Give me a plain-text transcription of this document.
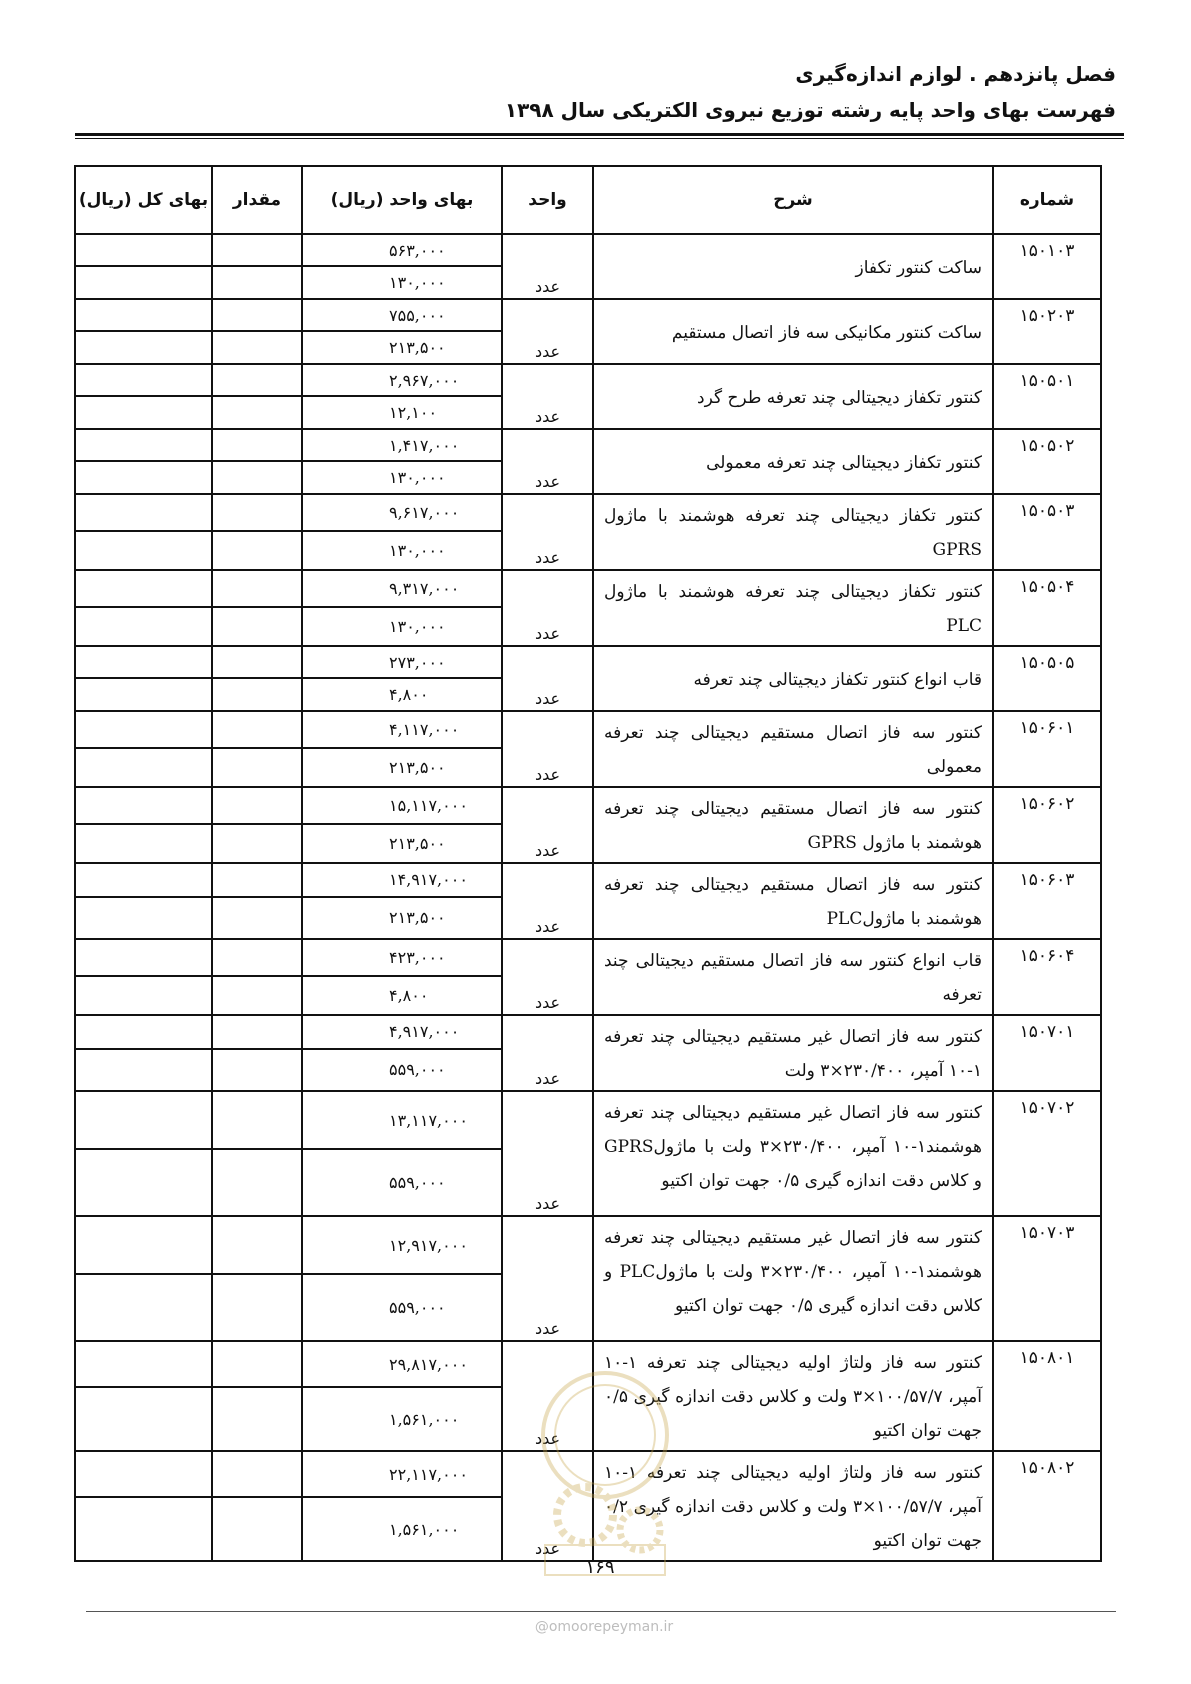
فصل پانزدهم . لوازم اندازه‌گیری
فهرست بهای واحد پایه رشته توزیع نیروی الکتریکی سال ۱۳۹۸
شماره	شرح	واحد	بهای واحد (ریال)	مقدار	بهای کل (ریال)
۱۵۰۱۰۳	ساکت کنتور تکفاز	عدد	۵۶۳,۰۰۰		
			۱۳۰,۰۰۰		
۱۵۰۲۰۳	ساکت کنتور مکانیکی سه فاز اتصال مستقیم	عدد	۷۵۵,۰۰۰		
			۲۱۳,۵۰۰		
۱۵۰۵۰۱	کنتور تکفاز دیجیتالی چند تعرفه طرح گرد	عدد	۲,۹۶۷,۰۰۰		
			۱۲,۱۰۰		
۱۵۰۵۰۲	کنتور تکفاز دیجیتالی چند تعرفه معمولی	عدد	۱,۴۱۷,۰۰۰		
			۱۳۰,۰۰۰		
۱۵۰۵۰۳	کنتور تکفاز دیجیتالی چند تعرفه هوشمند با ماژول GPRS	عدد	۹,۶۱۷,۰۰۰		
			۱۳۰,۰۰۰		
۱۵۰۵۰۴	کنتور تکفاز دیجیتالی چند تعرفه هوشمند با ماژول PLC	عدد	۹,۳۱۷,۰۰۰		
			۱۳۰,۰۰۰		
۱۵۰۵۰۵	قاب انواع کنتور تکفاز دیجیتالی چند تعرفه	عدد	۲۷۳,۰۰۰		
			۴,۸۰۰		
۱۵۰۶۰۱	کنتور سه فاز اتصال مستقیم دیجیتالی چند تعرفه معمولی	عدد	۴,۱۱۷,۰۰۰		
			۲۱۳,۵۰۰		
۱۵۰۶۰۲	کنتور سه فاز اتصال مستقیم دیجیتالی چند تعرفه هوشمند با ماژول GPRS	عدد	۱۵,۱۱۷,۰۰۰		
			۲۱۳,۵۰۰		
۱۵۰۶۰۳	کنتور سه فاز اتصال مستقیم دیجیتالی چند تعرفه هوشمند با ماژولPLC	عدد	۱۴,۹۱۷,۰۰۰		
			۲۱۳,۵۰۰		
۱۵۰۶۰۴	قاب انواع کنتور سه فاز اتصال مستقیم دیجیتالی چند تعرفه	عدد	۴۲۳,۰۰۰		
			۴,۸۰۰		
۱۵۰۷۰۱	کنتور سه فاز اتصال غیر مستقیم دیجیتالی چند تعرفه ۱-۱۰ آمپر، ۲۳۰/۴۰۰×۳ ولت	عدد	۴,۹۱۷,۰۰۰		
			۵۵۹,۰۰۰		
۱۵۰۷۰۲	کنتور سه فاز اتصال غیر مستقیم دیجیتالی چند تعرفه هوشمند۱-۱۰ آمپر، ۲۳۰/۴۰۰×۳ ولت با ماژولGPRS و کلاس دقت اندازه گیری ۰/۵ جهت توان اکتیو	عدد	۱۳,۱۱۷,۰۰۰		
			۵۵۹,۰۰۰		
۱۵۰۷۰۳	کنتور سه فاز اتصال غیر مستقیم دیجیتالی چند تعرفه هوشمند۱-۱۰ آمپر، ۲۳۰/۴۰۰×۳ ولت با ماژولPLC و کلاس دقت اندازه گیری ۰/۵ جهت توان اکتیو	عدد	۱۲,۹۱۷,۰۰۰		
			۵۵۹,۰۰۰		
۱۵۰۸۰۱	کنتور سه فاز ولتاژ اولیه دیجیتالی چند تعرفه ۱-۱۰ آمپر، ۱۰۰/۵۷/۷×۳ ولت و کلاس دقت اندازه گیری ۰/۵ جهت توان اکتیو	عدد	۲۹,۸۱۷,۰۰۰		
			۱,۵۶۱,۰۰۰		
۱۵۰۸۰۲	کنتور سه فاز ولتاژ اولیه دیجیتالی چند تعرفه ۱-۱۰ آمپر، ۱۰۰/۵۷/۷×۳ ولت و کلاس دقت اندازه گیری ۰/۲ جهت توان اکتیو	عدد	۲۲,۱۱۷,۰۰۰		
			۱,۵۶۱,۰۰۰		
۱۶۹
@omoorepeyman.ir
